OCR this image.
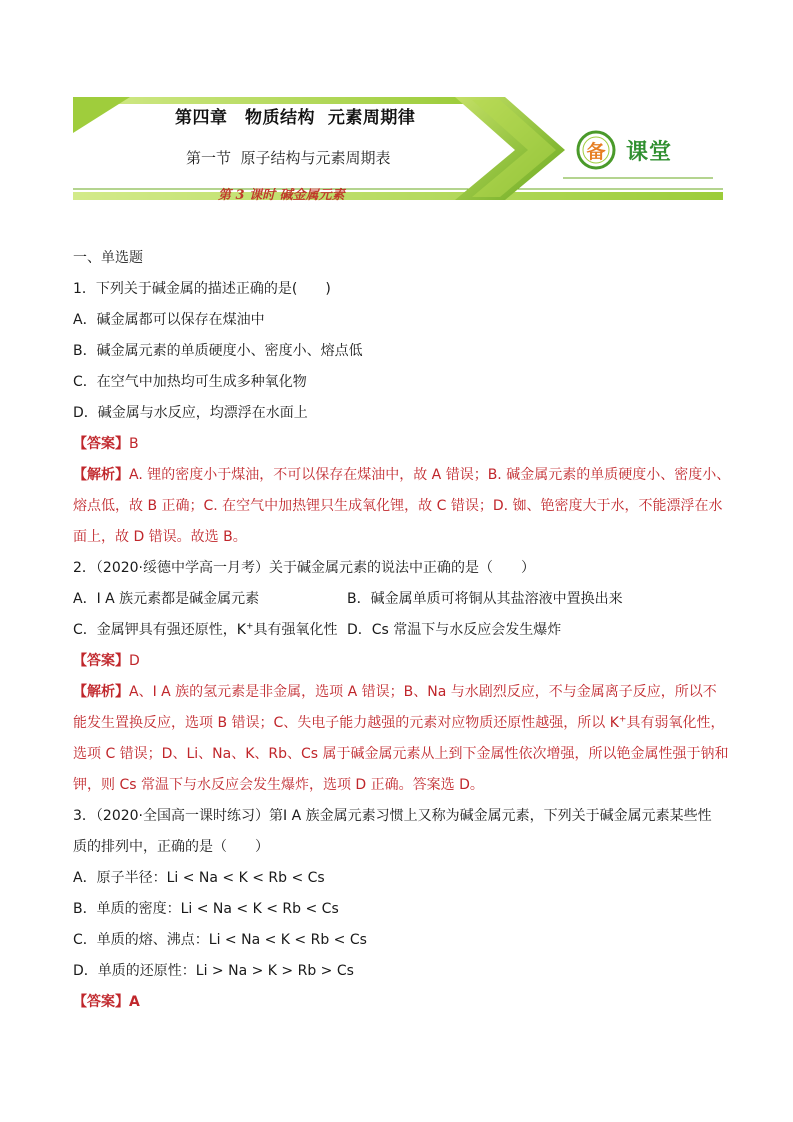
第四章　物质结构  元素周期律
第一节  原子结构与元素周期表
第 3 课时 碱金属元素
备 课堂
一、单选题
1．下列关于碱金属的描述正确的是(　　)
A．碱金属都可以保存在煤油中
B．碱金属元素的单质硬度小、密度小、熔点低
C．在空气中加热均可生成多种氧化物
D．碱金属与水反应，均漂浮在水面上
【答案】B
【解析】A. 锂的密度小于煤油，不可以保存在煤油中，故 A 错误；B. 碱金属元素的单质硬度小、密度小、
熔点低，故 B 正确；C. 在空气中加热锂只生成氧化锂，故 C 错误；D. 铷、铯密度大于水，不能漂浮在水
面上，故 D 错误。故选 B。
2．（2020·绥德中学高一月考）关于碱金属元素的说法中正确的是（　　）
A．Ⅰ A 族元素都是碱金属元素	B．碱金属单质可将铜从其盐溶液中置换出来
C．金属钾具有强还原性，K+具有强氧化性 D．Cs 常温下与水反应会发生爆炸
【答案】D
【解析】A、Ⅰ A 族的氢元素是非金属，选项 A 错误；B、Na 与水剧烈反应，不与金属离子反应，所以不
能发生置换反应，选项 B 错误；C、失电子能力越强的元素对应物质还原性越强，所以 K+具有弱氧化性，
选项 C 错误；D、Li、Na、K、Rb、Cs 属于碱金属元素从上到下金属性依次增强，所以铯金属性强于钠和
钾，则 Cs 常温下与水反应会发生爆炸，选项 D 正确。答案选 D。
3．（2020·全国高一课时练习）第Ⅰ A 族金属元素习惯上又称为碱金属元素，下列关于碱金属元素某些性
质的排列中，正确的是（　　）
A．原子半径：Li < Na < K < Rb < Cs
B．单质的密度：Li < Na < K < Rb < Cs
C．单质的熔、沸点：Li < Na < K < Rb < Cs
D．单质的还原性：Li > Na > K > Rb > Cs
【答案】A
